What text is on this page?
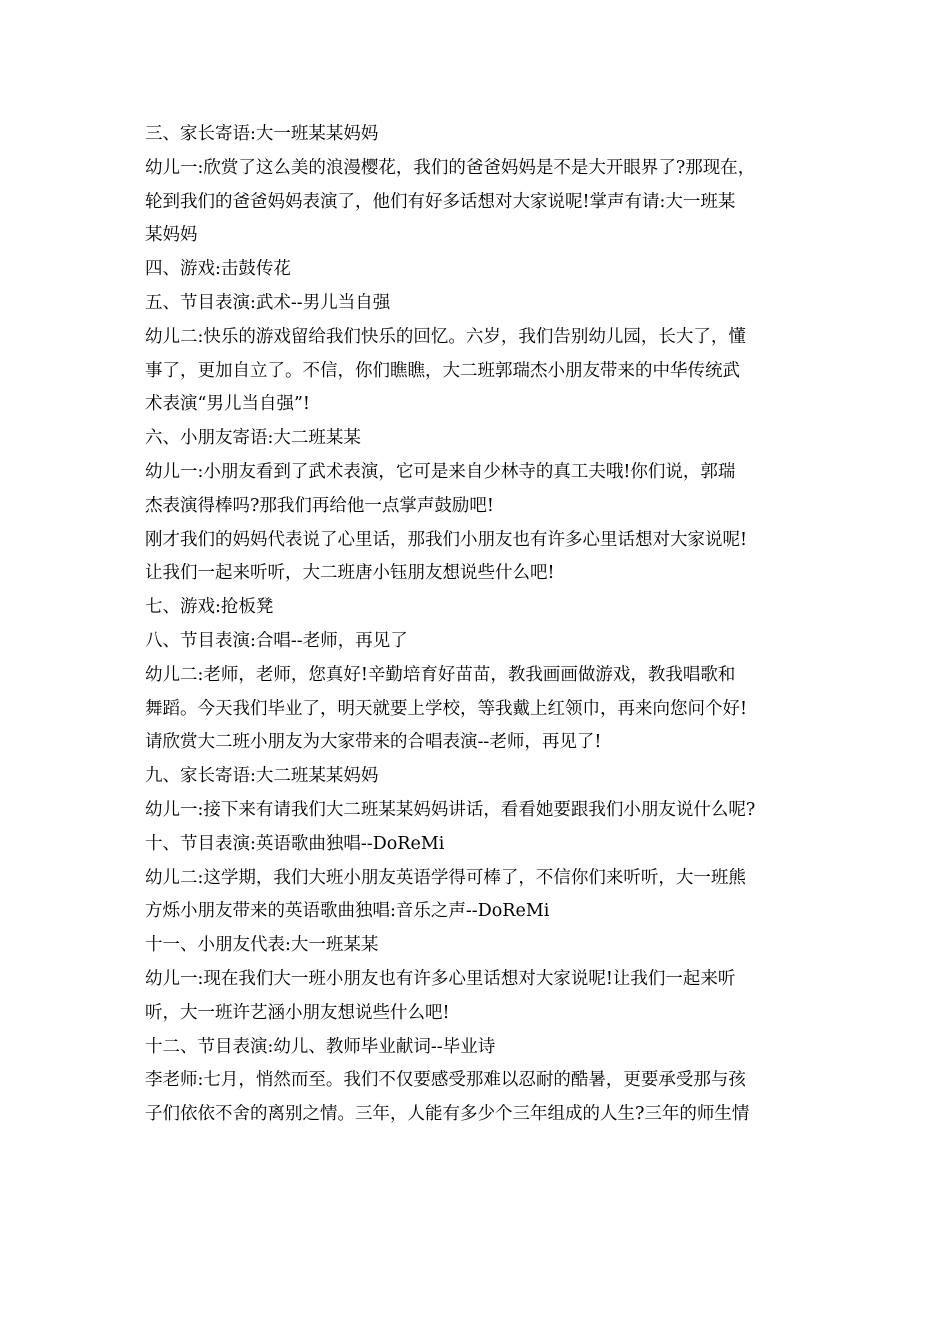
三、家长寄语:大一班某某妈妈
幼儿一:欣赏了这么美的浪漫樱花，我们的爸爸妈妈是不是大开眼界了?那现在，
轮到我们的爸爸妈妈表演了，他们有好多话想对大家说呢!掌声有请:大一班某
某妈妈
四、游戏:击鼓传花
五、节目表演:武术--男儿当自强
幼儿二:快乐的游戏留给我们快乐的回忆。六岁，我们告别幼儿园，长大了，懂
事了，更加自立了。不信，你们瞧瞧，大二班郭瑞杰小朋友带来的中华传统武
术表演“男儿当自强”!
六、小朋友寄语:大二班某某
幼儿一:小朋友看到了武术表演，它可是来自少林寺的真工夫哦!你们说，郭瑞
杰表演得棒吗?那我们再给他一点掌声鼓励吧!
刚才我们的妈妈代表说了心里话，那我们小朋友也有许多心里话想对大家说呢!
让我们一起来听听，大二班唐小钰朋友想说些什么吧!
七、游戏:抢板凳
八、节目表演:合唱--老师，再见了
幼儿二:老师，老师，您真好!辛勤培育好苗苗，教我画画做游戏，教我唱歌和
舞蹈。今天我们毕业了，明天就要上学校，等我戴上红领巾，再来向您问个好!
请欣赏大二班小朋友为大家带来的合唱表演--老师，再见了!
九、家长寄语:大二班某某妈妈
幼儿一:接下来有请我们大二班某某妈妈讲话，看看她要跟我们小朋友说什么呢?
十、节目表演:英语歌曲独唱--DoReMi
幼儿二:这学期，我们大班小朋友英语学得可棒了，不信你们来听听，大一班熊
方烁小朋友带来的英语歌曲独唱:音乐之声--DoReMi
十一、小朋友代表:大一班某某
幼儿一:现在我们大一班小朋友也有许多心里话想对大家说呢!让我们一起来听
听，大一班许艺涵小朋友想说些什么吧!
十二、节目表演:幼儿、教师毕业献词--毕业诗
李老师:七月，悄然而至。我们不仅要感受那难以忍耐的酷暑，更要承受那与孩
子们依依不舍的离别之情。三年，人能有多少个三年组成的人生?三年的师生情
